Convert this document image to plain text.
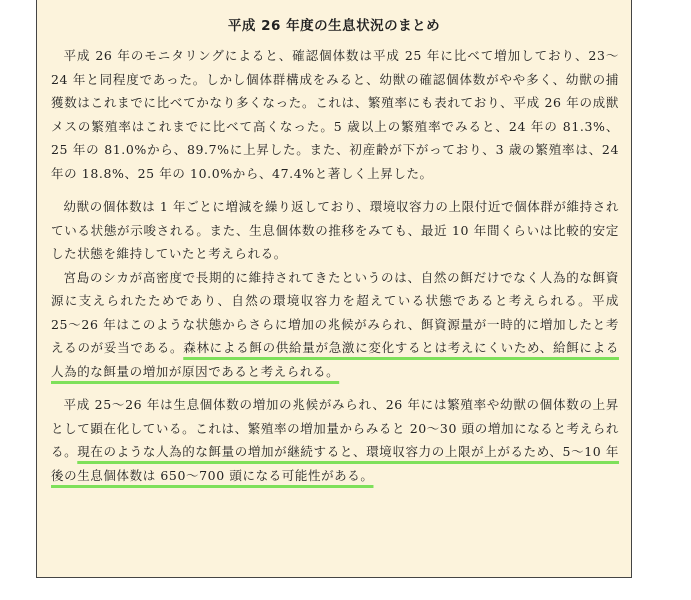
平成 26 年度の生息状況のまとめ

平成 26 年のモニタリングによると、確認個体数は平成 25 年に比べて増加しており、23〜24 年と同程度であった。しかし個体群構成をみると、幼獣の確認個体数がやや多く、幼獣の捕獲数はこれまでに比べてかなり多くなった。これは、繁殖率にも表れており、平成 26 年の成獣メスの繁殖率はこれまでに比べて高くなった。5 歳以上の繁殖率でみると、24 年の 81.3%、25 年の 81.0%から、89.7%に上昇した。また、初産齢が下がっており、3 歳の繁殖率は、24 年の 18.8%、25 年の 10.0%から、47.4%と著しく上昇した。

幼獣の個体数は 1 年ごとに増減を繰り返しており、環境収容力の上限付近で個体群が維持されている状態が示唆される。また、生息個体数の推移をみても、最近 10 年間くらいは比較的安定した状態を維持していたと考えられる。

宮島のシカが高密度で長期的に維持されてきたというのは、自然の餌だけでなく人為的な餌資源に支えられたためであり、自然の環境収容力を超えている状態であると考えられる。平成 25〜26 年はこのような状態からさらに増加の兆候がみられ、餌資源量が一時的に増加したと考えるのが妥当である。森林による餌の供給量が急激に変化するとは考えにくいため、給餌による人為的な餌量の増加が原因であると考えられる。

平成 25〜26 年は生息個体数の増加の兆候がみられ、26 年には繁殖率や幼獣の個体数の上昇として顕在化している。これは、繁殖率の増加量からみると 20〜30 頭の増加になると考えられる。現在のような人為的な餌量の増加が継続すると、環境収容力の上限が上がるため、5〜10 年後の生息個体数は 650〜700 頭になる可能性がある。
